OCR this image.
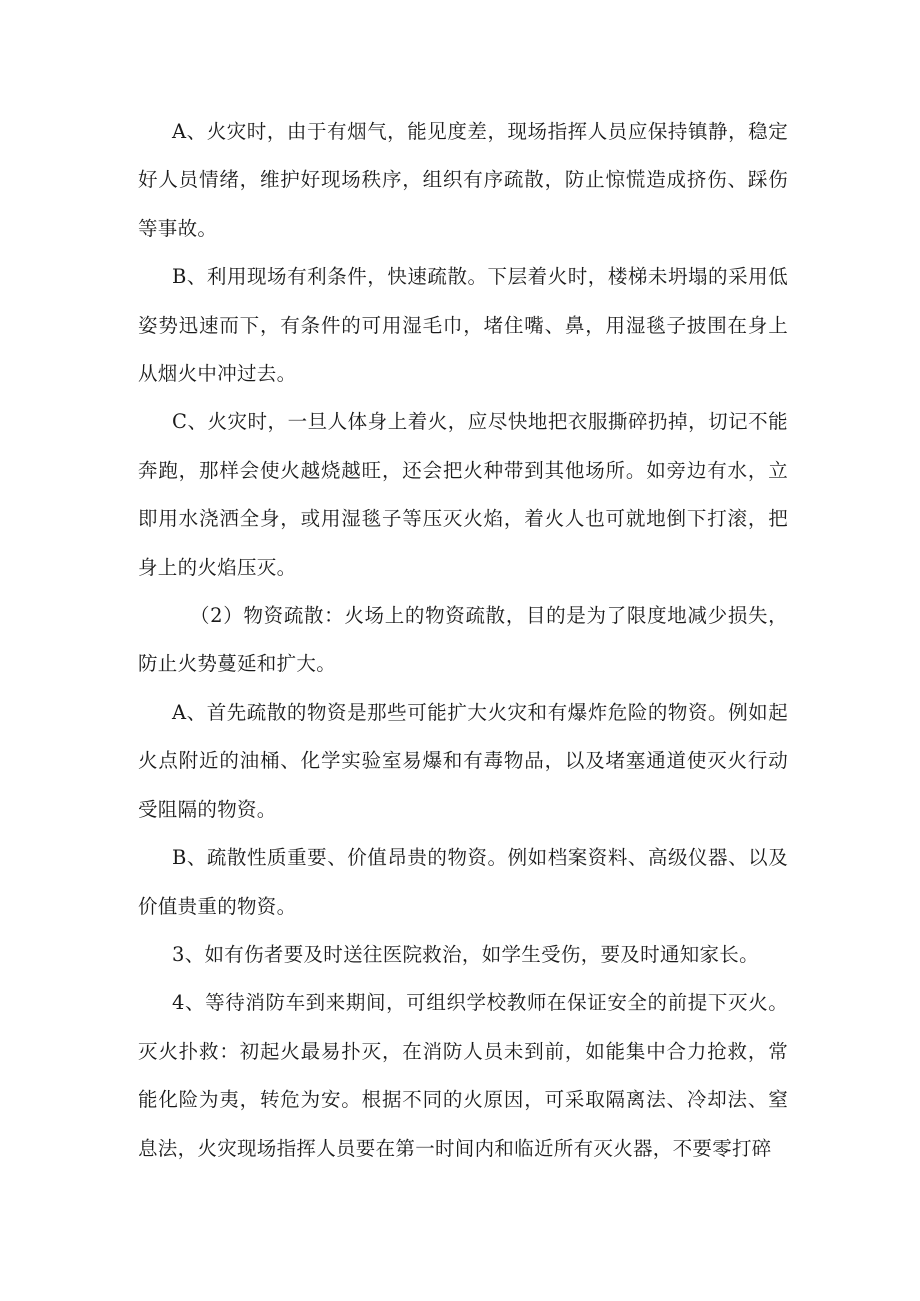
A、火灾时，由于有烟气，能见度差，现场指挥人员应保持镇静，稳定好人员情绪，维护好现场秩序，组织有序疏散，防止惊慌造成挤伤、踩伤等事故。

B、利用现场有利条件，快速疏散。下层着火时，楼梯未坍塌的采用低姿势迅速而下，有条件的可用湿毛巾，堵住嘴、鼻，用湿毯子披围在身上从烟火中冲过去。

C、火灾时，一旦人体身上着火，应尽快地把衣服撕碎扔掉，切记不能奔跑，那样会使火越烧越旺，还会把火种带到其他场所。如旁边有水，立即用水浇洒全身，或用湿毯子等压灭火焰，着火人也可就地倒下打滚，把身上的火焰压灭。

（2）物资疏散：火场上的物资疏散，目的是为了限度地减少损失，防止火势蔓延和扩大。

A、首先疏散的物资是那些可能扩大火灾和有爆炸危险的物资。例如起火点附近的油桶、化学实验室易爆和有毒物品，以及堵塞通道使灭火行动受阻隔的物资。

B、疏散性质重要、价值昂贵的物资。例如档案资料、高级仪器、以及价值贵重的物资。

3、如有伤者要及时送往医院救治，如学生受伤，要及时通知家长。

4、等待消防车到来期间，可组织学校教师在保证安全的前提下灭火。灭火扑救：初起火最易扑灭，在消防人员未到前，如能集中合力抢救，常能化险为夷，转危为安。根据不同的火原因，可采取隔离法、冷却法、窒息法，火灾现场指挥人员要在第一时间内和临近所有灭火器，不要零打碎
